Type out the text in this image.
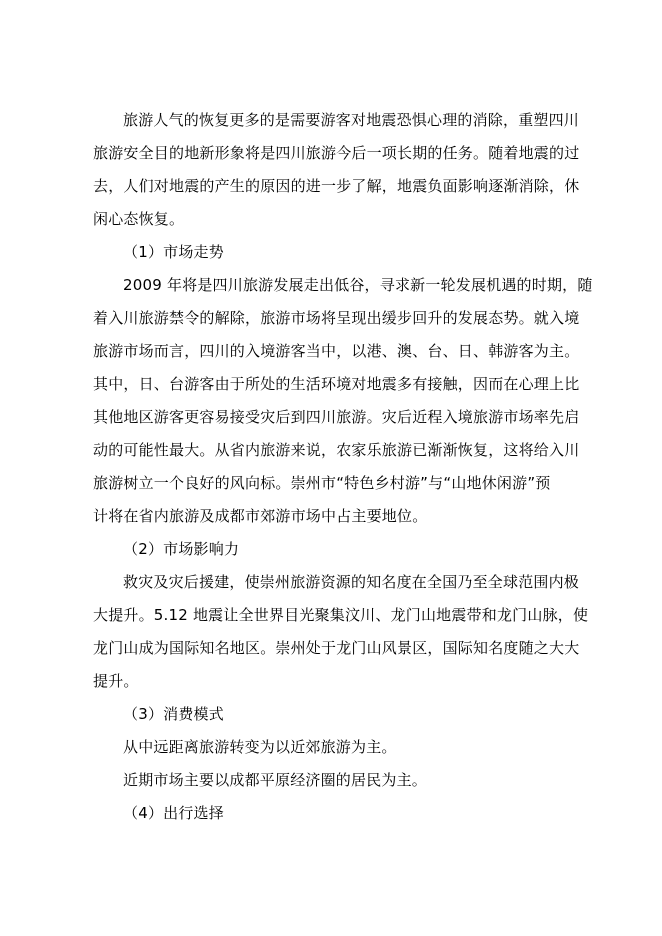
旅游人气的恢复更多的是需要游客对地震恐惧心理的消除，重塑四川
旅游安全目的地新形象将是四川旅游今后一项长期的任务。随着地震的过
去，人们对地震的产生的原因的进一步了解，地震负面影响逐渐消除，休
闲心态恢复。
（1）市场走势
2009 年将是四川旅游发展走出低谷，寻求新一轮发展机遇的时期，随
着入川旅游禁令的解除，旅游市场将呈现出缓步回升的发展态势。就入境
旅游市场而言，四川的入境游客当中，以港、澳、台、日、韩游客为主。
其中，日、台游客由于所处的生活环境对地震多有接触，因而在心理上比
其他地区游客更容易接受灾后到四川旅游。灾后近程入境旅游市场率先启
动的可能性最大。从省内旅游来说，农家乐旅游已渐渐恢复，这将给入川
旅游树立一个良好的风向标。崇州市“特色乡村游”与“山地休闲游”预
计将在省内旅游及成都市郊游市场中占主要地位。
（2）市场影响力
救灾及灾后援建，使崇州旅游资源的知名度在全国乃至全球范围内极
大提升。5.12 地震让全世界目光聚集汶川、龙门山地震带和龙门山脉，使
龙门山成为国际知名地区。崇州处于龙门山风景区，国际知名度随之大大
提升。
（3）消费模式
从中远距离旅游转变为以近郊旅游为主。
近期市场主要以成都平原经济圈的居民为主。
（4）出行选择
